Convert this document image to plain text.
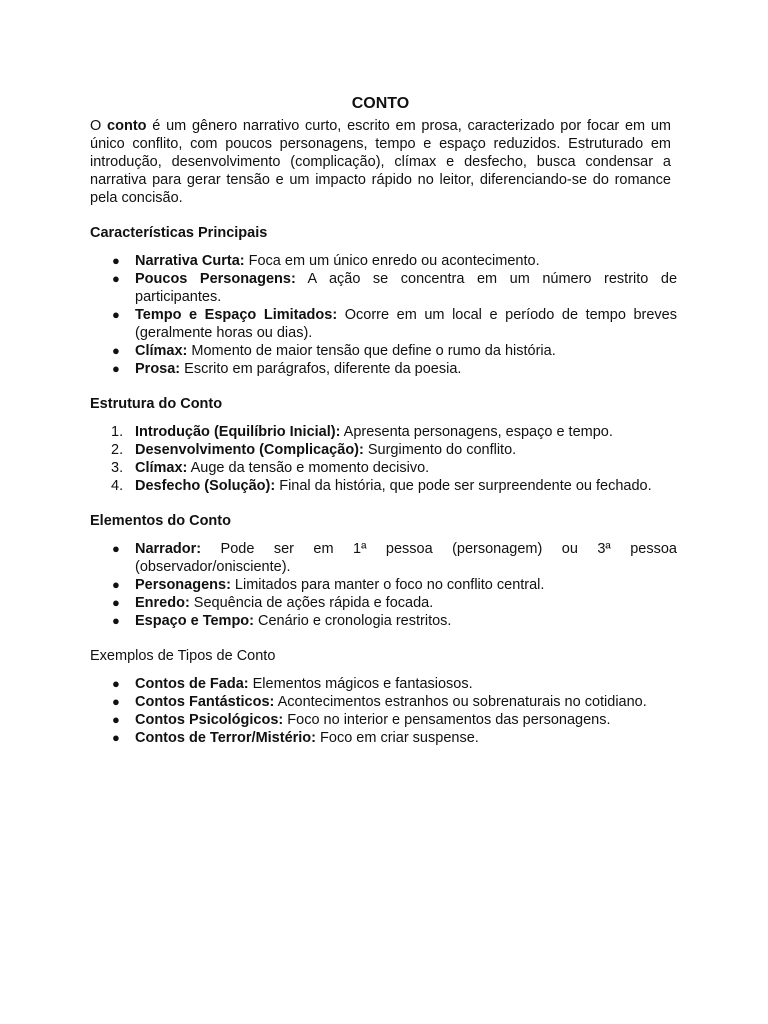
CONTO

O conto é um gênero narrativo curto, escrito em prosa, caracterizado por focar em um único conflito, com poucos personagens, tempo e espaço reduzidos. Estruturado em introdução, desenvolvimento (complicação), clímax e desfecho, busca condensar a narrativa para gerar tensão e um impacto rápido no leitor, diferenciando-se do romance pela concisão.

Características Principais
● Narrativa Curta: Foca em um único enredo ou acontecimento.
● Poucos Personagens: A ação se concentra em um número restrito de participantes.
● Tempo e Espaço Limitados: Ocorre em um local e período de tempo breves (geralmente horas ou dias).
● Clímax: Momento de maior tensão que define o rumo da história.
● Prosa: Escrito em parágrafos, diferente da poesia.
Estrutura do Conto
1. Introdução (Equilíbrio Inicial): Apresenta personagens, espaço e tempo.
2. Desenvolvimento (Complicação): Surgimento do conflito.
3. Clímax: Auge da tensão e momento decisivo.
4. Desfecho (Solução): Final da história, que pode ser surpreendente ou fechado.
Elementos do Conto
● Narrador: Pode ser em 1ª pessoa (personagem) ou 3ª pessoa (observador/onisciente).
● Personagens: Limitados para manter o foco no conflito central.
● Enredo: Sequência de ações rápida e focada.
● Espaço e Tempo: Cenário e cronologia restritos.
Exemplos de Tipos de Conto
● Contos de Fada: Elementos mágicos e fantasiosos.
● Contos Fantásticos: Acontecimentos estranhos ou sobrenaturais no cotidiano.
● Contos Psicológicos: Foco no interior e pensamentos das personagens.
● Contos de Terror/Mistério: Foco em criar suspense.
